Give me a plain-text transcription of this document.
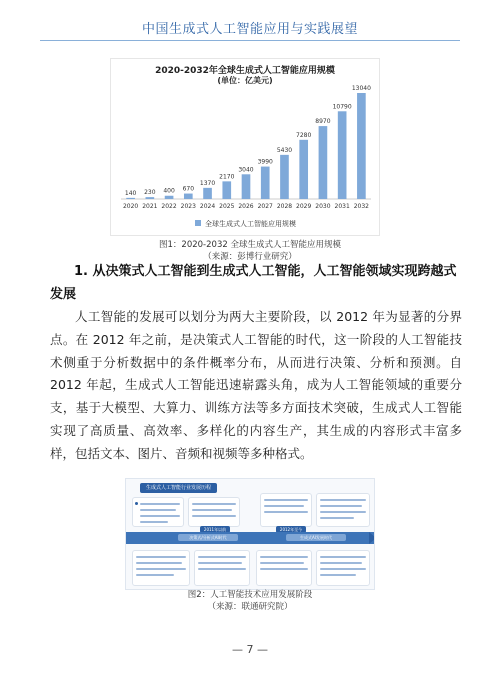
中国生成式人工智能应用与实践展望
2020-2032年全球生成式人工智能应用规模
(单位：亿美元)
140
2020
230
2021
400
2022
670
2023
1370
2024
2170
2025
3040
2026
3990
2027
5430
2028
7280
2029
8970
2030
10790
2031
13040
2032
全球生成式人工智能应用规模
图1：2020-2032 全球生成式人工智能应用规模
（来源：彭博行业研究）
1. 从决策式人工智能到生成式人工智能，人工智能领域实现跨越式发展
人工智能的发展可以划分为两大主要阶段，以 2012 年为显著的分界点。在 2012 年之前，是决策式人工智能的时代，这一阶段的人工智能技术侧重于分析数据中的条件概率分布，从而进行决策、分析和预测。自 2012 年起，生成式人工智能迅速崭露头角，成为人工智能领域的重要分支，基于大模型、大算力、训练方法等多方面技术突破，生成式人工智能实现了高质量、高效率、多样化的内容生产，其生成的内容形式丰富多样，包括文本、图片、音频和视频等多种格式。
生成式人工智能行业发展历程
2011年以前	2012年至今
决策式/分析式AI时代	生成式AI发展时代
图2：人工智能技术应用发展阶段
（来源：联通研究院）
— 7 —
